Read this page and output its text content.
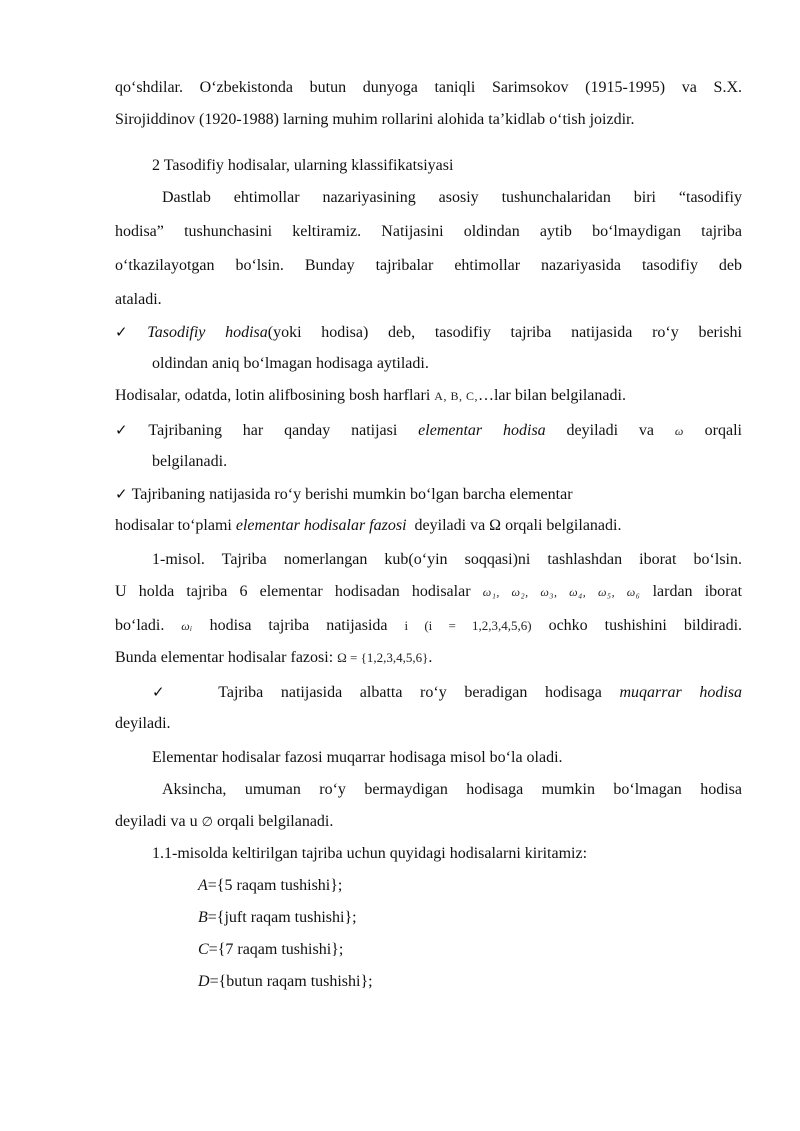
qo‘shdilar. O‘zbekistonda butun dunyoga taniqli Sarimsokov (1915-1995) va S.X.
Sirojiddinov (1920-1988) larning muhim rollarini alohida ta’kidlab o‘tish joizdir.
2 Tasodifiy hodisalar, ularning klassifikatsiyasi
Dastlab ehtimollar nazariyasining asosiy tushunchalaridan biri “tasodifiy
hodisa” tushunchasini keltiramiz. Natijasini oldindan aytib bo‘lmaydigan tajriba
o‘tkazilayotgan bo‘lsin. Bunday tajribalar ehtimollar nazariyasida tasodifiy deb
ataladi.
✓ Tasodifiy hodisa(yoki hodisa) deb, tasodifiy tajriba natijasida ro‘y berishi
oldindan aniq bo‘lmagan hodisaga aytiladi.
Hodisalar, odatda, lotin alifbosining bosh harflari A, B, C,…lar bilan belgilanadi.
✓ Tajribaning har qanday natijasi elementar hodisa deyiladi va ω orqali
belgilanadi.
✓ Tajribaning natijasida ro‘y berishi mumkin bo‘lgan barcha elementar
hodisalar to‘plami elementar hodisalar fazosi deyiladi va Ω orqali belgilanadi.
1-misol. Tajriba nomerlangan kub(o‘yin soqqasi)ni tashlashdan iborat bo‘lsin.
U holda tajriba 6 elementar hodisadan hodisalar ω₁, ω₂, ω₃, ω₄, ω₅, ω₆ lardan iborat
bo‘ladi. ωᵢ hodisa tajriba natijasida i (i = 1,2,3,4,5,6) ochko tushishini bildiradi.
Bunda elementar hodisalar fazosi: Ω = {1,2,3,4,5,6}.
✓	Tajriba natijasida albatta ro‘y beradigan hodisaga muqarrar hodisa
deyiladi.
Elementar hodisalar fazosi muqarrar hodisaga misol bo‘la oladi.
Aksincha, umuman ro‘y bermaydigan hodisaga mumkin bo‘lmagan hodisa
deyiladi va u ∅ orqali belgilanadi.
1.1-misolda keltirilgan tajriba uchun quyidagi hodisalarni kiritamiz:
A={5 raqam tushishi};
B={juft raqam tushishi};
C={7 raqam tushishi};
D={butun raqam tushishi};
